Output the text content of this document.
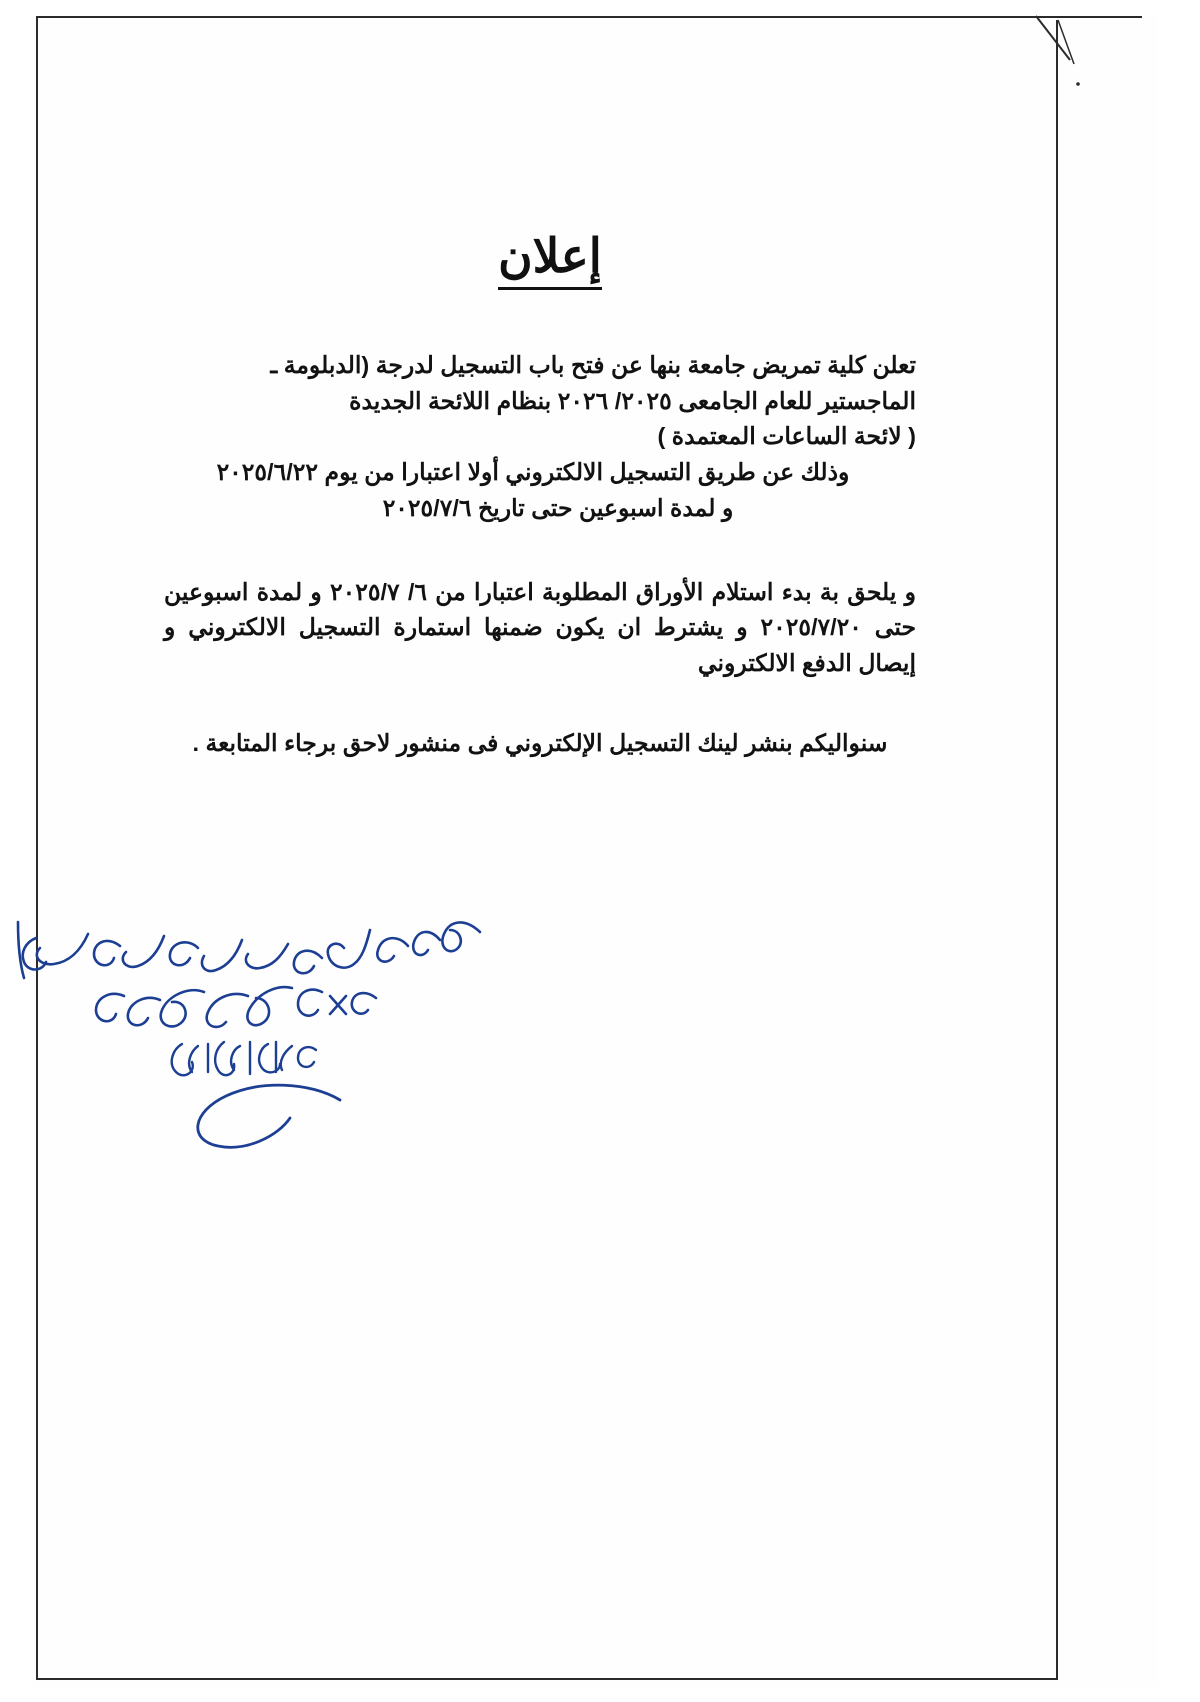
إعلان
تعلن كلية تمريض جامعة بنها عن فتح باب التسجيل لدرجة (الدبلومة ـ
الماجستير للعام الجامعى ٢٠٢٥/ ٢٠٢٦ بنظام اللائحة الجديدة
( لائحة الساعات المعتمدة )
وذلك عن طريق التسجيل الالكتروني أولا اعتبارا من يوم ٢٠٢٥/٦/٢٢
و لمدة اسبوعين حتى تاريخ ٢٠٢٥/٧/٦
و يلحق بة بدء استلام الأوراق المطلوبة اعتبارا من ٦/ ٢٠٢٥/٧ و لمدة اسبوعين حتى ٢٠٢٥/٧/٢٠ و يشترط ان يكون ضمنها استمارة التسجيل الالكتروني و إيصال الدفع الالكتروني
سنواليكم بنشر لينك التسجيل الإلكتروني فى منشور لاحق برجاء المتابعة .
